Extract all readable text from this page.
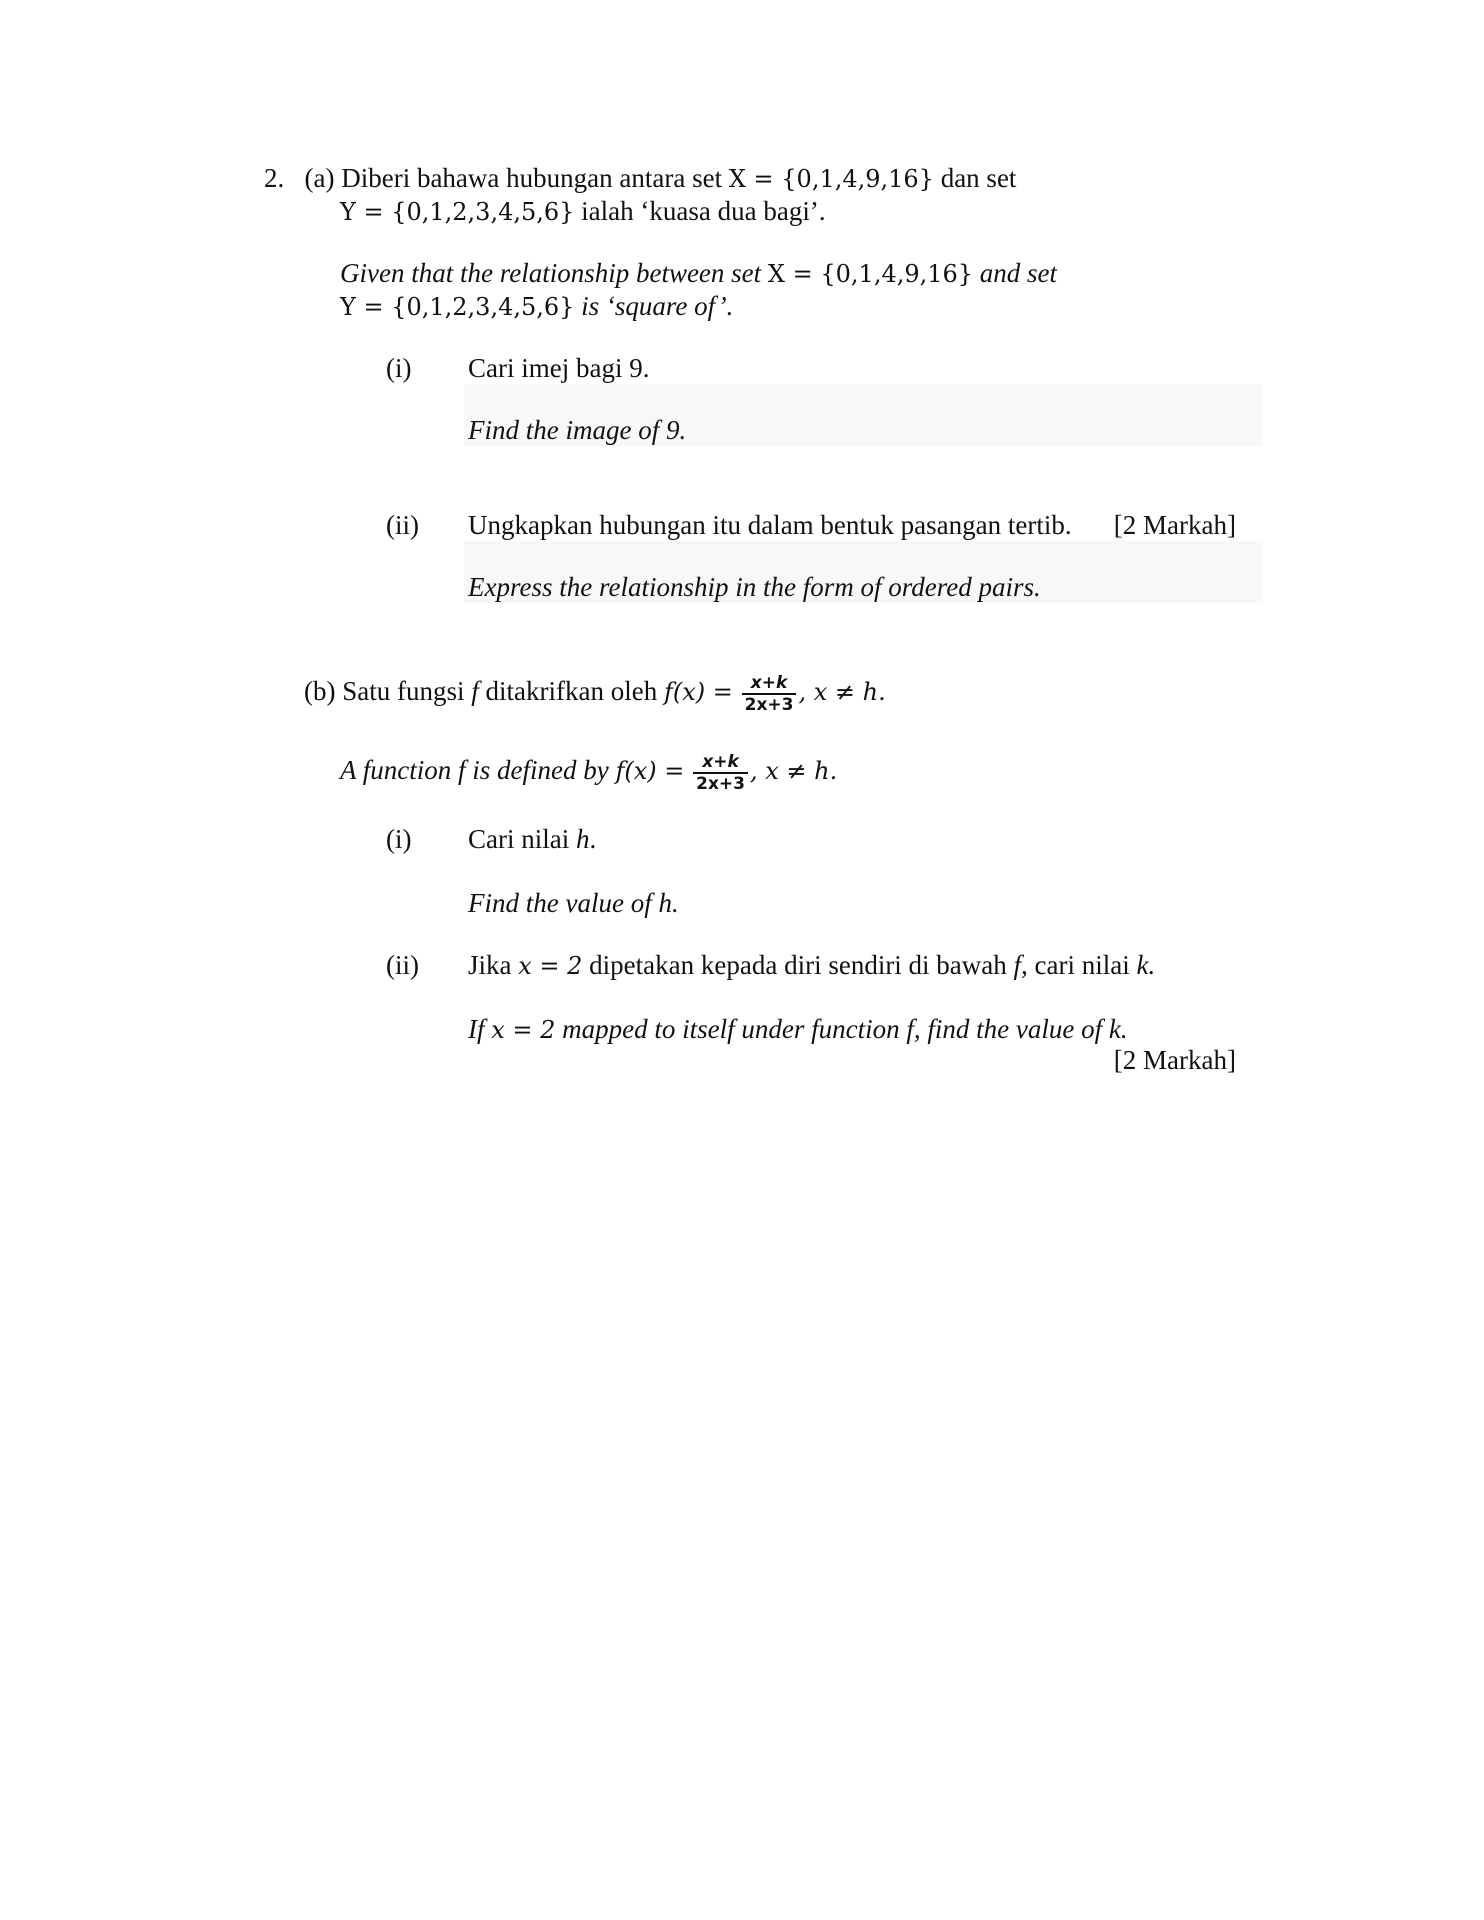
2. (a) Diberi bahawa hubungan antara set X = {0,1,4,9,16} dan set
Y = {0,1,2,3,4,5,6} ialah ‘kuasa dua bagi’.
Given that the relationship between set X = {0,1,4,9,16} and set
Y = {0,1,2,3,4,5,6} is ‘square of’.
(i) Cari imej bagi 9.
Find the image of 9.
(ii) Ungkapkan hubungan itu dalam bentuk pasangan tertib. [2 Markah]
Express the relationship in the form of ordered pairs.
(b) Satu fungsi f ditakrifkan oleh $f(x) = \frac{x+k}{2x+3}$ , x ≠ h.
A function f is defined by $f(x) = \frac{x+k}{2x+3}$ , x ≠ h.
(i) Cari nilai h.
Find the value of h.
(ii) Jika x = 2 dipetakan kepada diri sendiri di bawah f, cari nilai k.
If x = 2 mapped to itself under function f, find the value of k.
[2 Markah]
